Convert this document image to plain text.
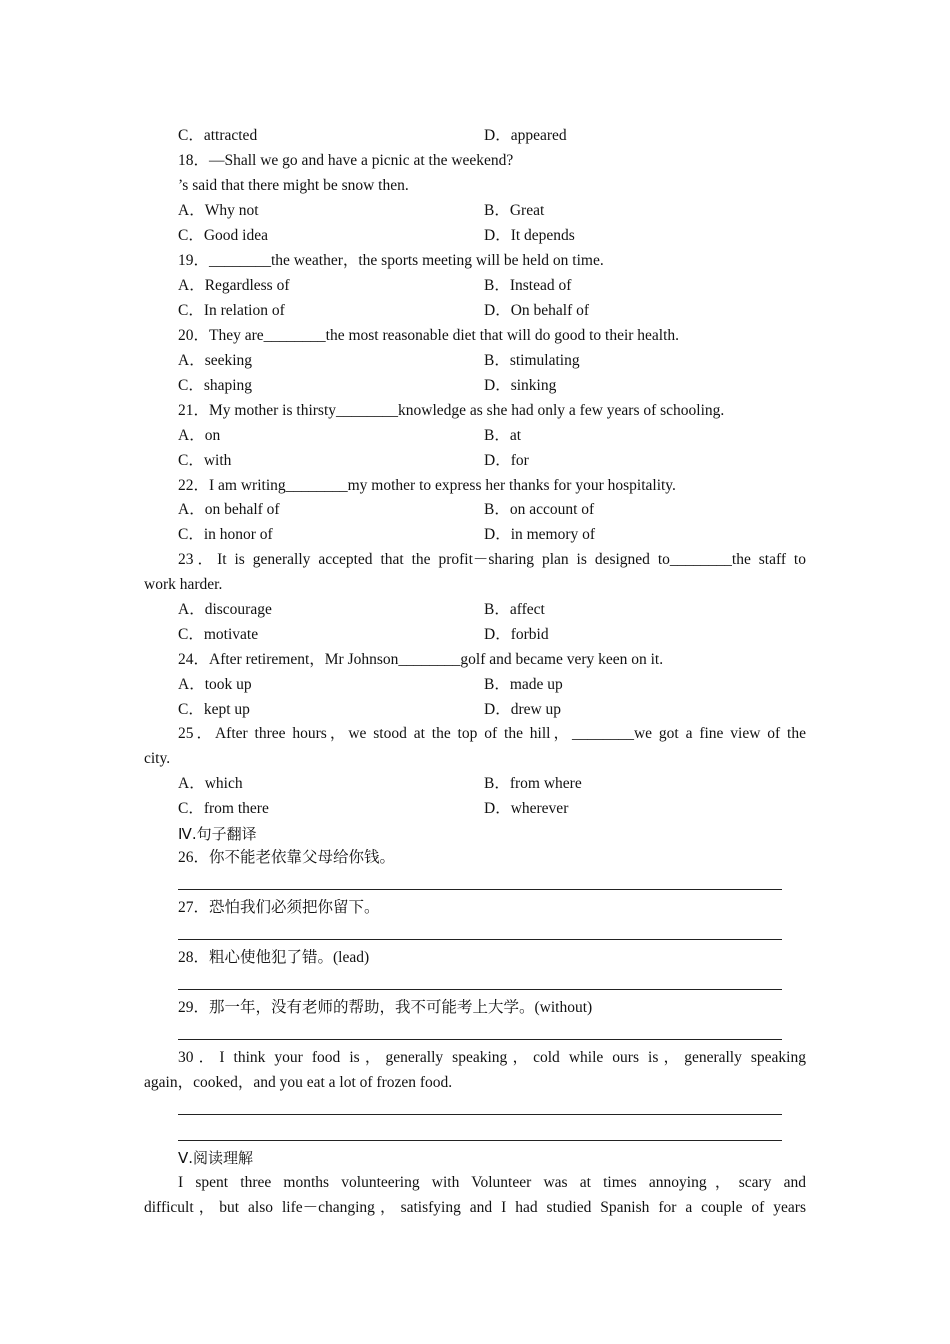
C．attracted	D．appeared
18．—Shall we go and have a picnic at the weekend?
’s said that there might be snow then.
A．Why not	B．Great
C．Good idea	D．It depends
19．________the weather，the sports meeting will be held on time.
A．Regardless of	B．Instead of
C．In relation of	D．On behalf of
20．They are________the most reasonable diet that will do good to their health.
A．seeking	B．stimulating
C．shaping	D．sinking
21．My mother is thirsty________knowledge as she had only a few years of schooling.
A．on	B．at
C．with	D．for
22．I am writing________my mother to express her thanks for your hospitality.
A．on behalf of	B．on account of
C．in honor of	D．in memory of
23．It is generally accepted that the profit－sharing plan is designed to________the staff to
work harder.
A．discourage	B．affect
C．motivate	D．forbid
24．After retirement，Mr Johnson________golf and became very keen on it.
A．took up	B．made up
C．kept up	D．drew up
25．After three hours，we stood at the top of the hill，________we got a fine view of the
city.
A．which	B．from where
C．from there	D．wherever
Ⅳ.句子翻译
26．你不能老依靠父母给你钱。
27．恐怕我们必须把你留下。
28．粗心使他犯了错。(lead)
29．那一年，没有老师的帮助，我不可能考上大学。(without)
30．I think your food is，generally speaking，cold while ours is，generally speaking
again，cooked，and you eat a lot of frozen food.
Ⅴ.阅读理解
I spent three months volunteering with Volunteer was at times annoying，scary and
difficult，but also life－changing，satisfying and I had studied Spanish for a couple of years
